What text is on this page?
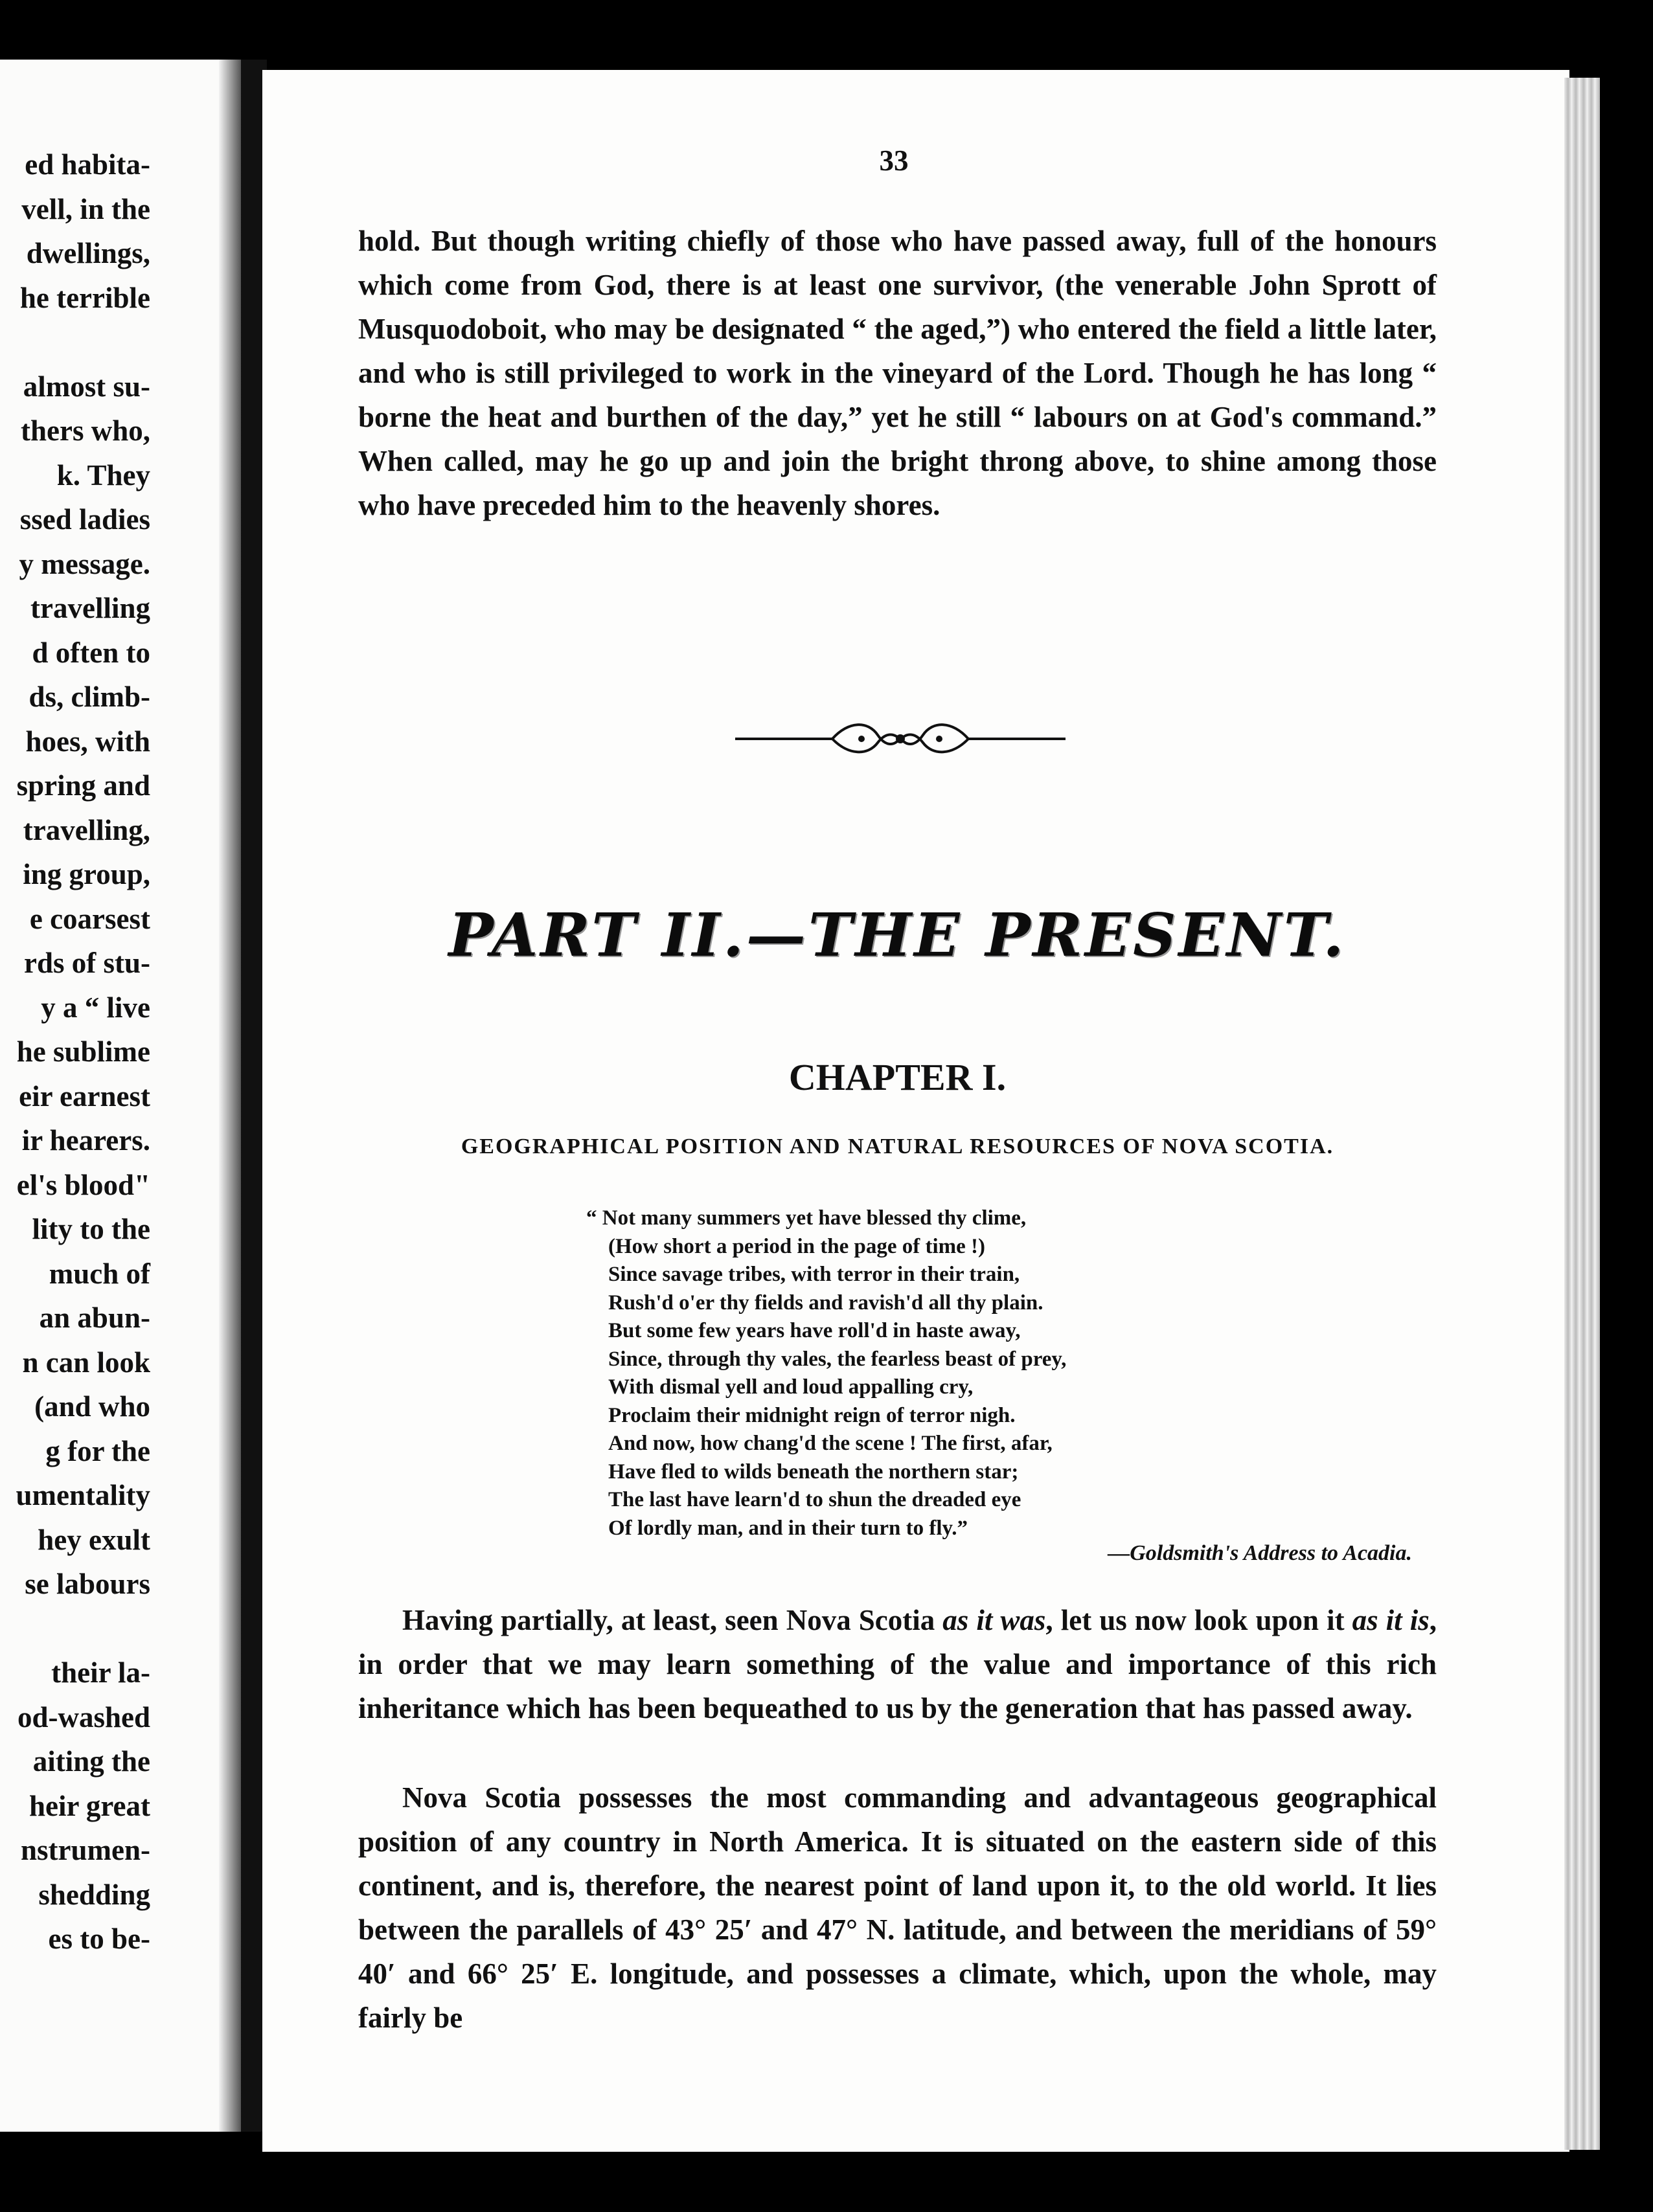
ed habita-
vell, in the
dwellings,
he terrible
almost su-
thers who,
k. They
ssed ladies
y message.
travelling
d often to
ds, climb-
hoes, with
spring and
travelling,
ing group,
e coarsest
rds of stu-
y a “ live
he sublime
eir earnest
ir hearers.
el's blood"
lity to the
much of
an abun-
n can look
(and who
g for the
umentality
hey exult
se labours
their la-
od-washed
aiting the
heir great
nstrumen-
shedding
es to be-
33

hold. But though writing chiefly of those who have passed away, full of the honours which come from God, there is at least one survivor, (the venerable John Sprott of Musquodoboit, who may be designated “ the aged,”) who entered the field a little later, and who is still privileged to work in the vineyard of the Lord. Though he has long “ borne the heat and burthen of the day,” yet he still “ labours on at God's command.” When called, may he go up and join the bright throng above, to shine among those who have preceded him to the heavenly shores.

PART II.—THE PRESENT.
CHAPTER I.
GEOGRAPHICAL POSITION AND NATURAL RESOURCES OF NOVA SCOTIA.
“ Not many summers yet have blessed thy clime,
(How short a period in the page of time !)
Since savage tribes, with terror in their train,
Rush'd o'er thy fields and ravish'd all thy plain.
But some few years have roll'd in haste away,
Since, through thy vales, the fearless beast of prey,
With dismal yell and loud appalling cry,
Proclaim their midnight reign of terror nigh.
And now, how chang'd the scene ! The first, afar,
Have fled to wilds beneath the northern star;
The last have learn'd to shun the dreaded eye
Of lordly man, and in their turn to fly.”
—Goldsmith's Address to Acadia.

Having partially, at least, seen Nova Scotia as it was, let us now look upon it as it is, in order that we may learn something of the value and importance of this rich inheritance which has been bequeathed to us by the generation that has passed away.

Nova Scotia possesses the most commanding and advantageous geographical position of any country in North America. It is situated on the eastern side of this continent, and is, therefore, the nearest point of land upon it, to the old world. It lies between the parallels of 43° 25′ and 47° N. latitude, and between the meridians of 59° 40′ and 66° 25′ E. longitude, and possesses a climate, which, upon the whole, may fairly be
